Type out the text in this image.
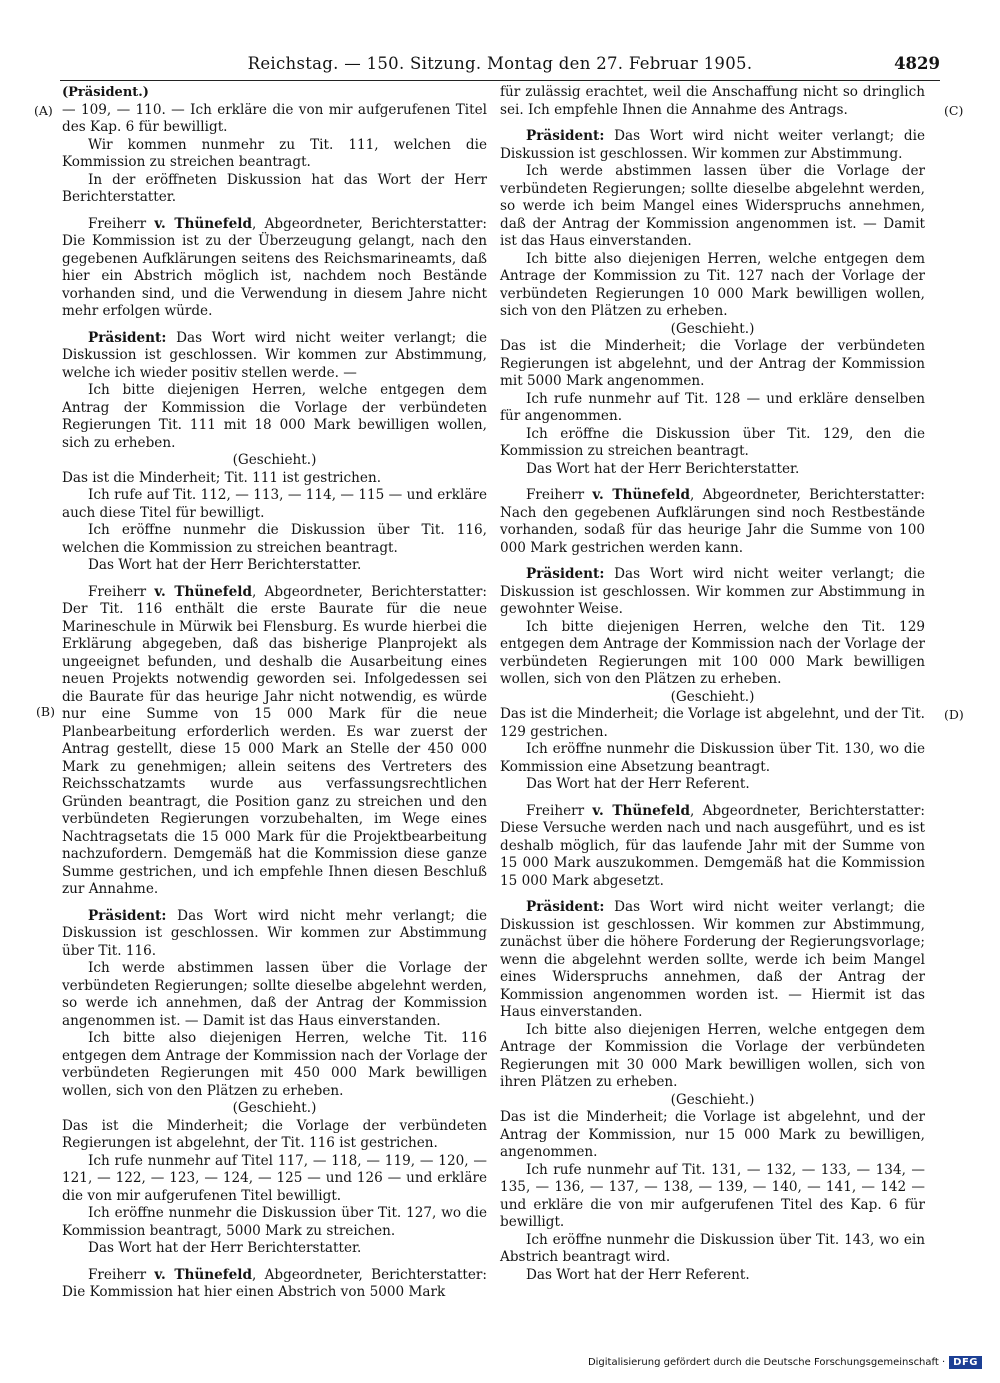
Reichstag. — 150. Sitzung. Montag den 27. Februar 1905.	4829
(A)
(B)
(C)
(D)

(Präsident.)

— 109, — 110. — Ich erkläre die von mir aufgerufenen Titel des Kap. 6 für bewilligt.

Wir kommen nunmehr zu Tit. 111, welchen die Kommission zu streichen beantragt.

In der eröffneten Diskussion hat das Wort der Herr Berichterstatter.

Freiherr v. Thünefeld, Abgeordneter, Berichterstatter: Die Kommission ist zu der Überzeugung gelangt, nach den gegebenen Aufklärungen seitens des Reichsmarineamts, daß hier ein Abstrich möglich ist, nachdem noch Bestände vorhanden sind, und die Verwendung in diesem Jahre nicht mehr erfolgen würde.

Präsident: Das Wort wird nicht weiter verlangt; die Diskussion ist geschlossen. Wir kommen zur Abstimmung, welche ich wieder positiv stellen werde. —

Ich bitte diejenigen Herren, welche entgegen dem Antrag der Kommission die Vorlage der verbündeten Regierungen Tit. 111 mit 18 000 Mark bewilligen wollen, sich zu erheben.

(Geschieht.)

Das ist die Minderheit; Tit. 111 ist gestrichen.

Ich rufe auf Tit. 112, — 113, — 114, — 115 — und erkläre auch diese Titel für bewilligt.

Ich eröffne nunmehr die Diskussion über Tit. 116, welchen die Kommission zu streichen beantragt.

Das Wort hat der Herr Berichterstatter.

Freiherr v. Thünefeld, Abgeordneter, Berichterstatter: Der Tit. 116 enthält die erste Baurate für die neue Marineschule in Mürwik bei Flensburg. Es wurde hierbei die Erklärung abgegeben, daß das bisherige Planprojekt als ungeeignet befunden, und deshalb die Ausarbeitung eines neuen Projekts notwendig geworden sei. Infolgedessen sei die Baurate für das heurige Jahr nicht notwendig, es würde nur eine Summe von 15 000 Mark für die neue Planbearbeitung erforderlich werden. Es war zuerst der Antrag gestellt, diese 15 000 Mark an Stelle der 450 000 Mark zu genehmigen; allein seitens des Vertreters des Reichsschatzamts wurde aus verfassungsrechtlichen Gründen beantragt, die Position ganz zu streichen und den verbündeten Regierungen vorzubehalten, im Wege eines Nachtragsetats die 15 000 Mark für die Projektbearbeitung nachzufordern. Demgemäß hat die Kommission diese ganze Summe gestrichen, und ich empfehle Ihnen diesen Beschluß zur Annahme.

Präsident: Das Wort wird nicht mehr verlangt; die Diskussion ist geschlossen. Wir kommen zur Abstimmung über Tit. 116.

Ich werde abstimmen lassen über die Vorlage der verbündeten Regierungen; sollte dieselbe abgelehnt werden, so werde ich annehmen, daß der Antrag der Kommission angenommen ist. — Damit ist das Haus einverstanden.

Ich bitte also diejenigen Herren, welche Tit. 116 entgegen dem Antrage der Kommission nach der Vorlage der verbündeten Regierungen mit 450 000 Mark bewilligen wollen, sich von den Plätzen zu erheben.

(Geschieht.)

Das ist die Minderheit; die Vorlage der verbündeten Regierungen ist abgelehnt, der Tit. 116 ist gestrichen.

Ich rufe nunmehr auf Titel 117, — 118, — 119, — 120, — 121, — 122, — 123, — 124, — 125 — und 126 — und erkläre die von mir aufgerufenen Titel bewilligt.

Ich eröffne nunmehr die Diskussion über Tit. 127, wo die Kommission beantragt, 5000 Mark zu streichen.

Das Wort hat der Herr Berichterstatter.

Freiherr v. Thünefeld, Abgeordneter, Berichterstatter: Die Kommission hat hier einen Abstrich von 5000 Mark

für zulässig erachtet, weil die Anschaffung nicht so dringlich sei. Ich empfehle Ihnen die Annahme des Antrags.

Präsident: Das Wort wird nicht weiter verlangt; die Diskussion ist geschlossen. Wir kommen zur Abstimmung.

Ich werde abstimmen lassen über die Vorlage der verbündeten Regierungen; sollte dieselbe abgelehnt werden, so werde ich beim Mangel eines Widerspruchs annehmen, daß der Antrag der Kommission angenommen ist. — Damit ist das Haus einverstanden.

Ich bitte also diejenigen Herren, welche entgegen dem Antrage der Kommission zu Tit. 127 nach der Vorlage der verbündeten Regierungen 10 000 Mark bewilligen wollen, sich von den Plätzen zu erheben.

(Geschieht.)

Das ist die Minderheit; die Vorlage der verbündeten Regierungen ist abgelehnt, und der Antrag der Kommission mit 5000 Mark angenommen.

Ich rufe nunmehr auf Tit. 128 — und erkläre denselben für angenommen.

Ich eröffne die Diskussion über Tit. 129, den die Kommission zu streichen beantragt.

Das Wort hat der Herr Berichterstatter.

Freiherr v. Thünefeld, Abgeordneter, Berichterstatter: Nach den gegebenen Aufklärungen sind noch Restbestände vorhanden, sodaß für das heurige Jahr die Summe von 100 000 Mark gestrichen werden kann.

Präsident: Das Wort wird nicht weiter verlangt; die Diskussion ist geschlossen. Wir kommen zur Abstimmung in gewohnter Weise.

Ich bitte diejenigen Herren, welche den Tit. 129 entgegen dem Antrage der Kommission nach der Vorlage der verbündeten Regierungen mit 100 000 Mark bewilligen wollen, sich von den Plätzen zu erheben.

(Geschieht.)

Das ist die Minderheit; die Vorlage ist abgelehnt, und der Tit. 129 gestrichen.

Ich eröffne nunmehr die Diskussion über Tit. 130, wo die Kommission eine Absetzung beantragt.

Das Wort hat der Herr Referent.

Freiherr v. Thünefeld, Abgeordneter, Berichterstatter: Diese Versuche werden nach und nach ausgeführt, und es ist deshalb möglich, für das laufende Jahr mit der Summe von 15 000 Mark auszukommen. Demgemäß hat die Kommission 15 000 Mark abgesetzt.

Präsident: Das Wort wird nicht weiter verlangt; die Diskussion ist geschlossen. Wir kommen zur Abstimmung, zunächst über die höhere Forderung der Regierungsvorlage; wenn die abgelehnt werden sollte, werde ich beim Mangel eines Widerspruchs annehmen, daß der Antrag der Kommission angenommen worden ist. — Hiermit ist das Haus einverstanden.

Ich bitte also diejenigen Herren, welche entgegen dem Antrage der Kommission die Vorlage der verbündeten Regierungen mit 30 000 Mark bewilligen wollen, sich von ihren Plätzen zu erheben.

(Geschieht.)

Das ist die Minderheit; die Vorlage ist abgelehnt, und der Antrag der Kommission, nur 15 000 Mark zu bewilligen, angenommen.

Ich rufe nunmehr auf Tit. 131, — 132, — 133, — 134, — 135, — 136, — 137, — 138, — 139, — 140, — 141, — 142 — und erkläre die von mir aufgerufenen Titel des Kap. 6 für bewilligt.

Ich eröffne nunmehr die Diskussion über Tit. 143, wo ein Abstrich beantragt wird.

Das Wort hat der Herr Referent.

Digitalisierung gefördert durch die Deutsche Forschungsgemeinschaft · DFG
